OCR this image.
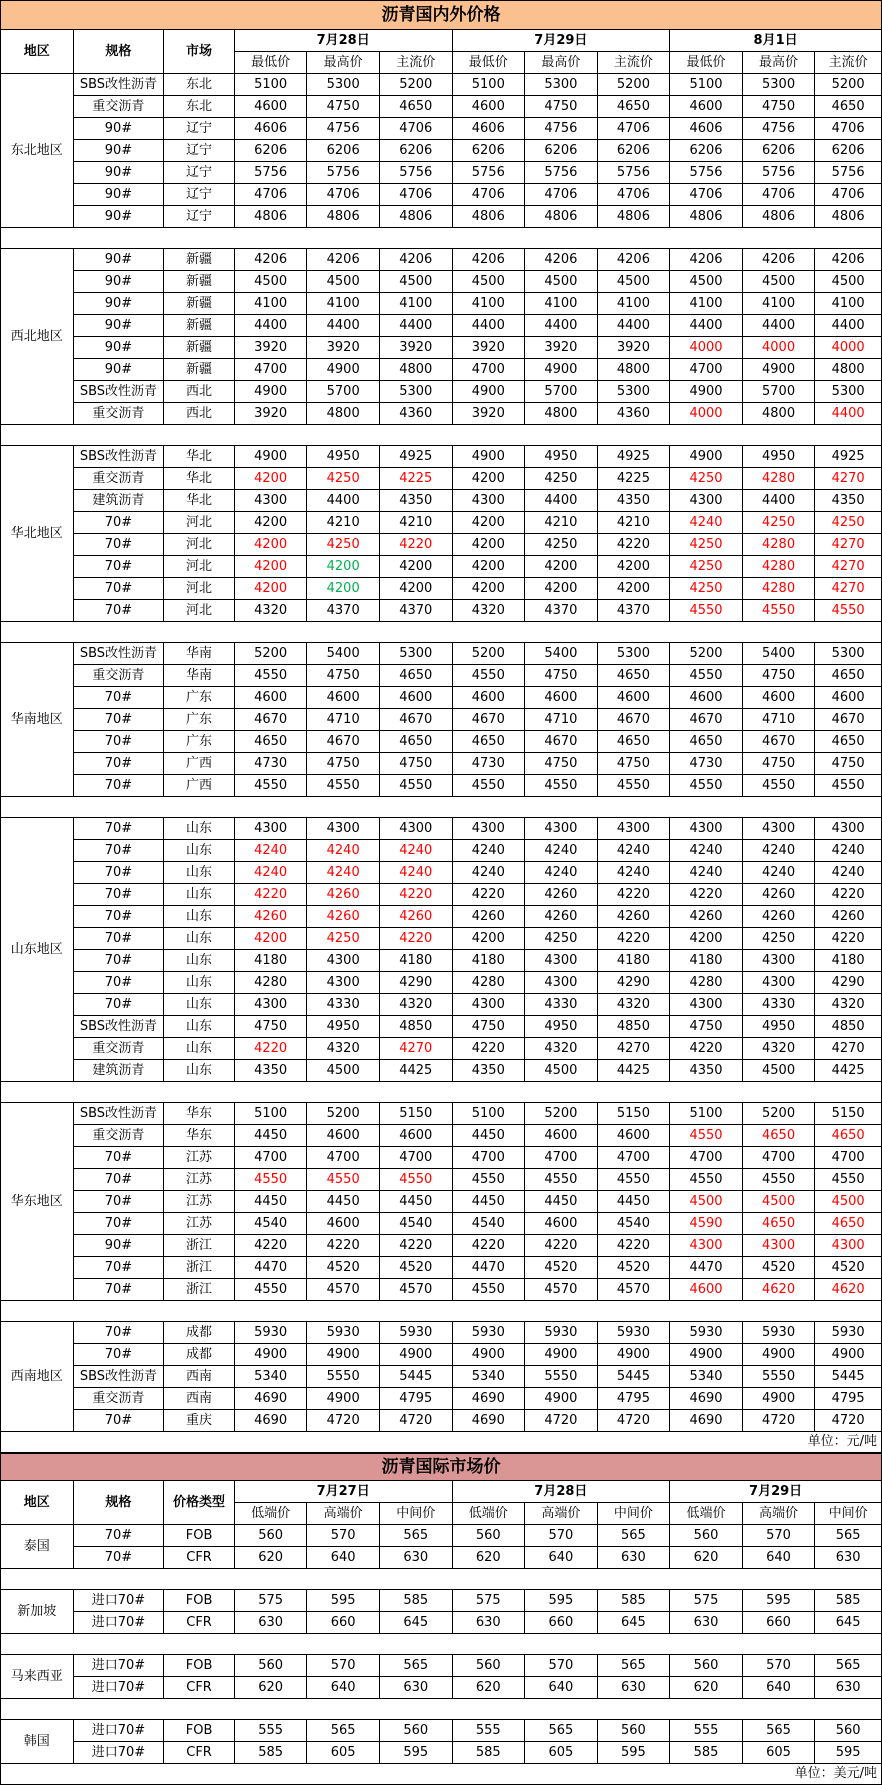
沥青国内外价格											
地区	规格	市场	7月28日			7月29日			8月1日		
			最低价	最高价	主流价	最低价	最高价	主流价	最低价	最高价	主流价
东北地区	SBS改性沥青	东北	5100	5300	5200	5100	5300	5200	5100	5300	5200
	重交沥青	东北	4600	4750	4650	4600	4750	4650	4600	4750	4650
	90#	辽宁	4606	4756	4706	4606	4756	4706	4606	4756	4706
	90#	辽宁	6206	6206	6206	6206	6206	6206	6206	6206	6206
	90#	辽宁	5756	5756	5756	5756	5756	5756	5756	5756	5756
	90#	辽宁	4706	4706	4706	4706	4706	4706	4706	4706	4706
	90#	辽宁	4806	4806	4806	4806	4806	4806	4806	4806	4806

西北地区	90#	新疆	4206	4206	4206	4206	4206	4206	4206	4206	4206
	90#	新疆	4500	4500	4500	4500	4500	4500	4500	4500	4500
	90#	新疆	4100	4100	4100	4100	4100	4100	4100	4100	4100
	90#	新疆	4400	4400	4400	4400	4400	4400	4400	4400	4400
	90#	新疆	3920	3920	3920	3920	3920	3920	4000	4000	4000
	90#	新疆	4700	4900	4800	4700	4900	4800	4700	4900	4800
	SBS改性沥青	西北	4900	5700	5300	4900	5700	5300	4900	5700	5300
	重交沥青	西北	3920	4800	4360	3920	4800	4360	4000	4800	4400

华北地区	SBS改性沥青	华北	4900	4950	4925	4900	4950	4925	4900	4950	4925
	重交沥青	华北	4200	4250	4225	4200	4250	4225	4250	4280	4270
	建筑沥青	华北	4300	4400	4350	4300	4400	4350	4300	4400	4350
	70#	河北	4200	4210	4210	4200	4210	4210	4240	4250	4250
	70#	河北	4200	4250	4220	4200	4250	4220	4250	4280	4270
	70#	河北	4200	4200	4200	4200	4200	4200	4250	4280	4270
	70#	河北	4200	4200	4200	4200	4200	4200	4250	4280	4270
	70#	河北	4320	4370	4370	4320	4370	4370	4550	4550	4550

华南地区	SBS改性沥青	华南	5200	5400	5300	5200	5400	5300	5200	5400	5300
	重交沥青	华南	4550	4750	4650	4550	4750	4650	4550	4750	4650
	70#	广东	4600	4600	4600	4600	4600	4600	4600	4600	4600
	70#	广东	4670	4710	4670	4670	4710	4670	4670	4710	4670
	70#	广东	4650	4670	4650	4650	4670	4650	4650	4670	4650
	70#	广西	4730	4750	4750	4730	4750	4750	4730	4750	4750
	70#	广西	4550	4550	4550	4550	4550	4550	4550	4550	4550

山东地区	70#	山东	4300	4300	4300	4300	4300	4300	4300	4300	4300
	70#	山东	4240	4240	4240	4240	4240	4240	4240	4240	4240
	70#	山东	4240	4240	4240	4240	4240	4240	4240	4240	4240
	70#	山东	4220	4260	4220	4220	4260	4220	4220	4260	4220
	70#	山东	4260	4260	4260	4260	4260	4260	4260	4260	4260
	70#	山东	4200	4250	4220	4200	4250	4220	4200	4250	4220
	70#	山东	4180	4300	4180	4180	4300	4180	4180	4300	4180
	70#	山东	4280	4300	4290	4280	4300	4290	4280	4300	4290
	70#	山东	4300	4330	4320	4300	4330	4320	4300	4330	4320
	SBS改性沥青	山东	4750	4950	4850	4750	4950	4850	4750	4950	4850
	重交沥青	山东	4220	4320	4270	4220	4320	4270	4220	4320	4270
	建筑沥青	山东	4350	4500	4425	4350	4500	4425	4350	4500	4425

华东地区	SBS改性沥青	华东	5100	5200	5150	5100	5200	5150	5100	5200	5150
	重交沥青	华东	4450	4600	4600	4450	4600	4600	4550	4650	4650
	70#	江苏	4700	4700	4700	4700	4700	4700	4700	4700	4700
	70#	江苏	4550	4550	4550	4550	4550	4550	4550	4550	4550
	70#	江苏	4450	4450	4450	4450	4450	4450	4500	4500	4500
	70#	江苏	4540	4600	4540	4540	4600	4540	4590	4650	4650
	90#	浙江	4220	4220	4220	4220	4220	4220	4300	4300	4300
	70#	浙江	4470	4520	4520	4470	4520	4520	4470	4520	4520
	70#	浙江	4550	4570	4570	4550	4570	4570	4600	4620	4620

西南地区	70#	成都	5930	5930	5930	5930	5930	5930	5930	5930	5930
	70#	成都	4900	4900	4900	4900	4900	4900	4900	4900	4900
	SBS改性沥青	西南	5340	5550	5445	5340	5550	5445	5340	5550	5445
	重交沥青	西南	4690	4900	4795	4690	4900	4795	4690	4900	4795
	70#	重庆	4690	4720	4720	4690	4720	4720	4690	4720	4720
单位：元/吨											
沥青国际市场价											
地区	规格	价格类型	7月27日			7月28日			7月29日		
			低端价	高端价	中间价	低端价	高端价	中间价	低端价	高端价	中间价
泰国	70#	FOB	560	570	565	560	570	565	560	570	565
	70#	CFR	620	640	630	620	640	630	620	640	630

新加坡	进口70#	FOB	575	595	585	575	595	585	575	595	585
	进口70#	CFR	630	660	645	630	660	645	630	660	645

马来西亚	进口70#	FOB	560	570	565	560	570	565	560	570	565
	进口70#	CFR	620	640	630	620	640	630	620	640	630

韩国	进口70#	FOB	555	565	560	555	565	560	555	565	560
	进口70#	CFR	585	605	595	585	605	595	585	605	595
单位：美元/吨											
